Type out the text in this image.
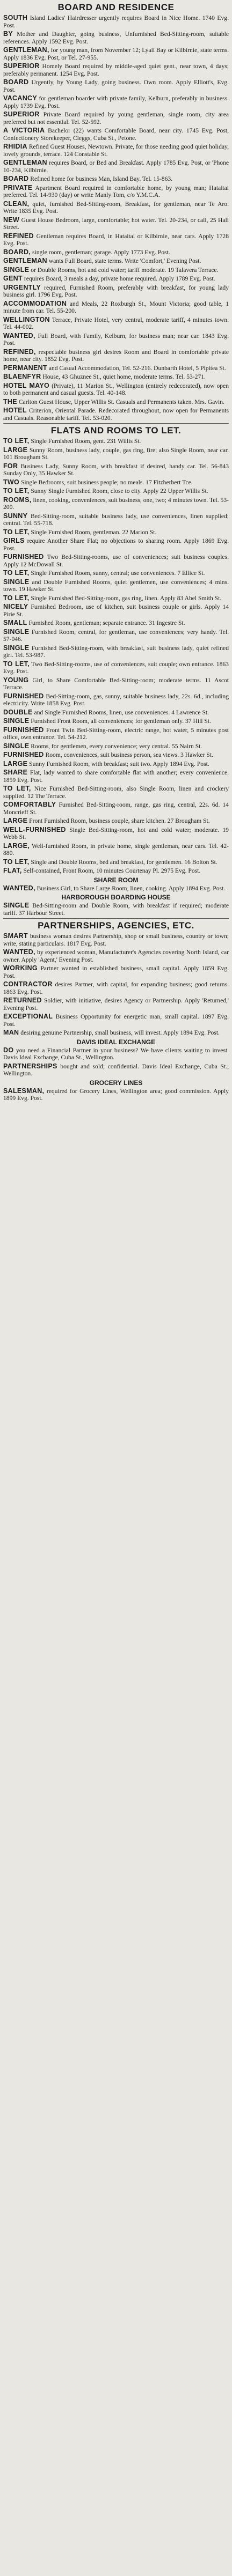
BOARD AND RESIDENCE

SOUTH Island Ladies' Hairdresser urgently requires Board in Nice Home. 1740 Evg. Post.

BY Mother and Daughter, going business, Unfurnished Bed-Sitting-room, suitable references. Apply 1592 Evg. Post.

GENTLEMAN, for young man, from November 12; Lyall Bay or Kilbirnie, state terms. Apply 1836 Evg. Post, or Tel. 27-955.

SUPERIOR Homely Board required by middle-aged quiet gent., near town, 4 days; preferably permanent. 1254 Evg. Post.

BOARD Urgently, by Young Lady, going business. Own room. Apply Elliott's, Evg. Post.

VACANCY for gentleman boarder with private family, Kelburn, preferably in business. Apply 1739 Evg. Post.

SUPERIOR Private Board required by young gentleman, single room, city area preferred but not essential. Tel. 52-592.

A VICTORIA Bachelor (22) wants Comfortable Board, near city. 1745 Evg. Post, Confectionery Storekeeper, Cleggs, Cuba St., Petone.

RHIDIA Refined Guest Houses, Newtown. Private, for those needing good quiet holiday, lovely grounds, terrace. 124 Constable St.

GENTLEMAN requires Board, or Bed and Breakfast. Apply 1785 Evg. Post, or 'Phone 10-234, Kilbirnie.

BOARD Refined home for business Man, Island Bay. Tel. 15-863.

PRIVATE Apartment Board required in comfortable home, by young man; Hataitai preferred. Tel. 14-930 (day) or write Manly Tom, c/o Y.M.C.A.

CLEAN, quiet, furnished Bed-Sitting-room, Breakfast, for gentleman, near Te Aro. Write 1835 Evg. Post.

NEW Guest House Bedroom, large, comfortable; hot water. Tel. 20-234, or call, 25 Hall Street.

REFINED Gentleman requires Board, in Hataitai or Kilbirnie, near cars. Apply 1728 Evg. Post.

BOARD, single room, gentleman; garage. Apply 1773 Evg. Post.

GENTLEMAN wants Full Board, state terms. Write 'Comfort,' Evening Post.

SINGLE or Double Rooms, hot and cold water; tariff moderate. 19 Talavera Terrace.

GENT requires Board, 3 meals a day, private home required. Apply 1789 Evg. Post.

URGENTLY required, Furnished Room, preferably with breakfast, for young lady business girl. 1796 Evg. Post.

ACCOMMODATION and Meals, 22 Roxburgh St., Mount Victoria; good table, 1 minute from car. Tel. 55-200.

WELLINGTON Terrace, Private Hotel, very central, moderate tariff, 4 minutes town. Tel. 44-002.

WANTED, Full Board, with Family, Kelburn, for business man; near car. 1843 Evg. Post.

REFINED, respectable business girl desires Room and Board in comfortable private home, near city. 1852 Evg. Post.

PERMANENT and Casual Accommodation, Tel. 52-216. Dunbarth Hotel, 5 Pipitea St.

BLAENFYR House, 43 Ghuznee St., quiet home, moderate terms. Tel. 53-271.

HOTEL MAYO (Private), 11 Marion St., Wellington (entirely redecorated), now open to both permanent and casual guests. Tel. 40-148.

THE Carlton Guest House, Upper Willis St. Casuals and Permanents taken. Mrs. Gavin.

HOTEL Criterion, Oriental Parade. Redecorated throughout, now open for Permanents and Casuals. Reasonable tariff. Tel. 53-020.

FLATS AND ROOMS TO LET.

TO LET, Single Furnished Room, gent. 231 Willis St.

LARGE Sunny Room, business lady, couple, gas ring, fire; also Single Room, near car. 101 Brougham St.

FOR Business Lady, Sunny Room, with breakfast if desired, handy car. Tel. 56-843 Sunday Only, 35 Hawker St.

TWO Single Bedrooms, suit business people; no meals. 17 Fitzherbert Tce.

TO LET, Sunny Single Furnished Room, close to city. Apply 22 Upper Willis St.

ROOMS, linen, cooking, conveniences, suit business, one, two; 4 minutes town. Tel. 53-200.

SUNNY Bed-Sitting-room, suitable business lady, use conveniences, linen supplied; central. Tel. 55-718.

TO LET, Single Furnished Room, gentleman. 22 Marion St.

GIRLS require Another Share Flat; no objections to sharing room. Apply 1869 Evg. Post.

FURNISHED Two Bed-Sitting-rooms, use of conveniences; suit business couples. Apply 12 McDowall St.

TO LET, Single Furnished Room, sunny, central; use conveniences. 7 Ellice St.

SINGLE and Double Furnished Rooms, quiet gentlemen, use conveniences; 4 mins. town. 19 Hawker St.

TO LET, Single Furnished Bed-Sitting-room, gas ring, linen. Apply 83 Abel Smith St.

NICELY Furnished Bedroom, use of kitchen, suit business couple or girls. Apply 14 Pirie St.

SMALL Furnished Room, gentleman; separate entrance. 31 Ingestre St.

SINGLE Furnished Room, central, for gentleman, use conveniences; very handy. Tel. 57-046.

SINGLE Furnished Bed-Sitting-room, with breakfast, suit business lady, quiet refined girl. Tel. 53-987.

TO LET, Two Bed-Sitting-rooms, use of conveniences, suit couple; own entrance. 1863 Evg. Post.

YOUNG Girl, to Share Comfortable Bed-Sitting-room; moderate terms. 11 Ascot Terrace.

FURNISHED Bed-Sitting-room, gas, sunny, suitable business lady, 22s. 6d., including electricity. Write 1858 Evg. Post.

DOUBLE and Single Furnished Rooms, linen, use conveniences. 4 Lawrence St.

SINGLE Furnished Front Room, all conveniences; for gentleman only. 37 Hill St.

FURNISHED Front Twin Bed-Sitting-room, electric range, hot water, 5 minutes post office, own entrance. Tel. 54-212.

SINGLE Rooms, for gentlemen, every convenience; very central. 55 Nairn St.

FURNISHED Room, conveniences, suit business person, sea views. 3 Hawker St.

LARGE Sunny Furnished Room, with breakfast; suit two. Apply 1894 Evg. Post.

SHARE Flat, lady wanted to share comfortable flat with another; every convenience. 1859 Evg. Post.

TO LET, Nice Furnished Bed-Sitting-room, also Single Room, linen and crockery supplied. 12 The Terrace.

COMFORTABLY Furnished Bed-Sitting-room, range, gas ring, central, 22s. 6d. 14 Moncrieff St.

LARGE Front Furnished Room, business couple, share kitchen. 27 Brougham St.

WELL-FURNISHED Single Bed-Sitting-room, hot and cold water; moderate. 19 Webb St.

LARGE, Well-furnished Room, in private home, single gentleman, near cars. Tel. 42-880.

TO LET, Single and Double Rooms, bed and breakfast, for gentlemen. 16 Bolton St.

FLAT, Self-contained, Front Room, 10 minutes Courtenay Pl. 2975 Evg. Post.

SHARE ROOM

WANTED, Business Girl, to Share Large Room, linen, cooking. Apply 1894 Evg. Post.

HARBOROUGH BOARDING HOUSE

SINGLE Bed-Sitting-room and Double Room, with breakfast if required; moderate tariff. 37 Harbour Street.

PARTNERSHIPS, AGENCIES, ETC.

SMART business woman desires Partnership, shop or small business, country or town; write, stating particulars. 1817 Evg. Post.

WANTED, by experienced woman, Manufacturer's Agencies covering North Island, car owner. Apply 'Agent,' Evening Post.

WORKING Partner wanted in established business, small capital. Apply 1859 Evg. Post.

CONTRACTOR desires Partner, with capital, for expanding business; good returns. 1863 Evg. Post.

RETURNED Soldier, with initiative, desires Agency or Partnership. Apply 'Returned,' Evening Post.

EXCEPTIONAL Business Opportunity for energetic man, small capital. 1897 Evg. Post.

MAN desiring genuine Partnership, small business, will invest. Apply 1894 Evg. Post.

DAVIS IDEAL EXCHANGE

DO you need a Financial Partner in your business? We have clients waiting to invest. Davis Ideal Exchange, Cuba St., Wellington.

PARTNERSHIPS bought and sold; confidential. Davis Ideal Exchange, Cuba St., Wellington.

GROCERY LINES

SALESMAN, required for Grocery Lines, Wellington area; good commission. Apply 1899 Evg. Post.
